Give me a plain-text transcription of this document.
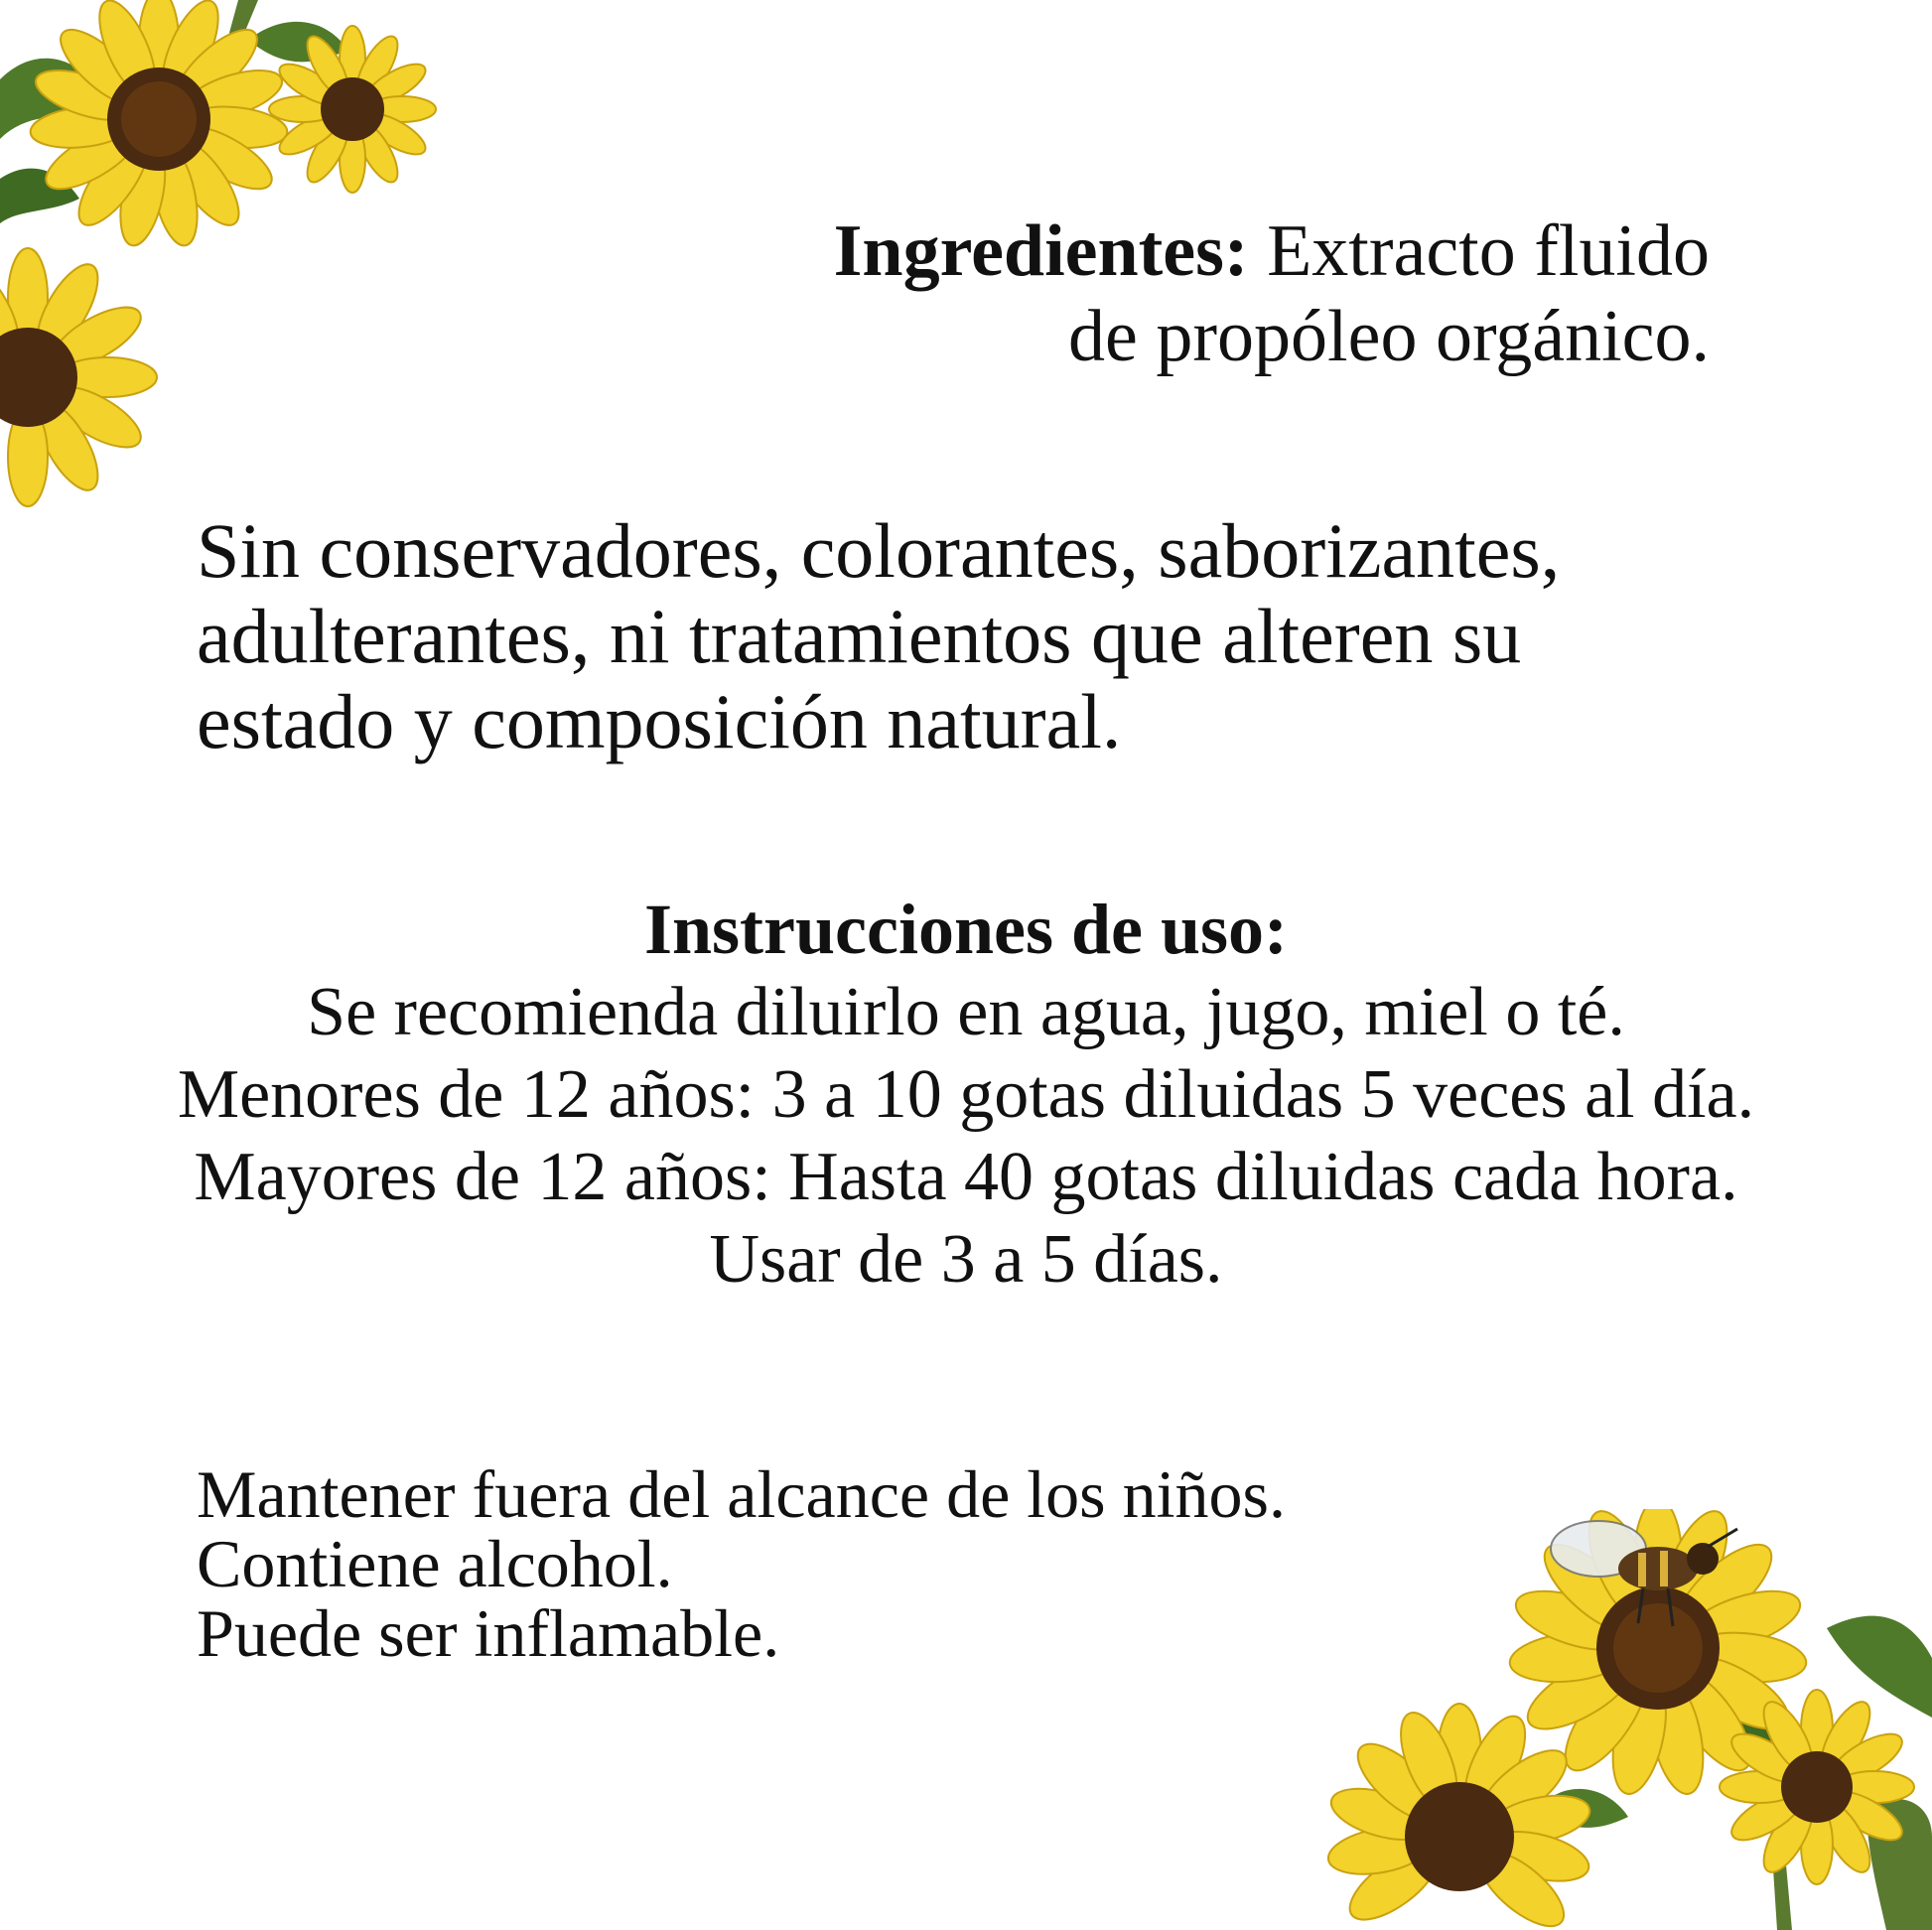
Ingredientes: Extracto fluido
de propóleo orgánico.
Sin conservadores, colorantes, saborizantes,
adulterantes, ni tratamientos que alteren su
estado y composición natural.
Instrucciones de uso:
Se recomienda diluirlo en agua, jugo, miel o té.
Menores de 12 años: 3 a 10 gotas diluidas 5 veces al día.
Mayores de 12 años: Hasta 40 gotas diluidas cada hora.
Usar de 3 a 5 días.
Mantener fuera del alcance de los niños.
Contiene alcohol.
Puede ser inflamable.
